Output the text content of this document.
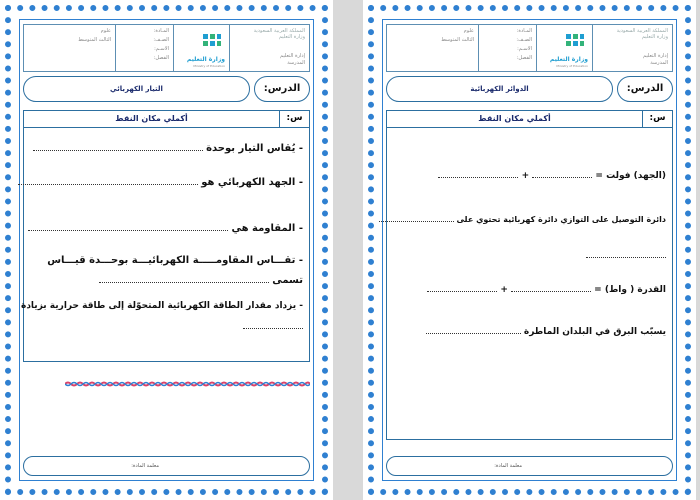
المملكة العربية السعودية
وزارة التعليم
إدارة التعليم
المدرسة
وزارة التعليم
Ministry of Education
المـادة:
الصـف:
الاسـم:
الفصل:
علوم
الثالث المتوسط
الدرس:
التيار الكهربائي
س:
أكملي مكان النقط
- يُقاس التيار بوحدة
- الجهد الكهربائي هو
- المقاومة هي
- تقـــاس المقاومـــــة الكهربائيـــة بوحـــدة قيـــاس
تسمى
- يزداد مقدار الطاقة الكهربائية المتحوّلة إلى طاقة حرارية بزيادة
معلمة المادة:
المملكة العربية السعودية
وزارة التعليم
إدارة التعليم
المدرسة
وزارة التعليم
Ministry of Education
المـادة:
الصـف:
الاسـم:
الفصل:
علوم
الثالث المتوسط
الدرس:
الدوائر الكهربائية
س:
أكملي مكان النقط
(الجهد) فولت =  +
دائرة التوصيل على التوازي دائرة كهربائية تحتوي على
القدرة ( واط) =  +
يسبّب البرق في البلدان الماطرة
معلمة المادة:
